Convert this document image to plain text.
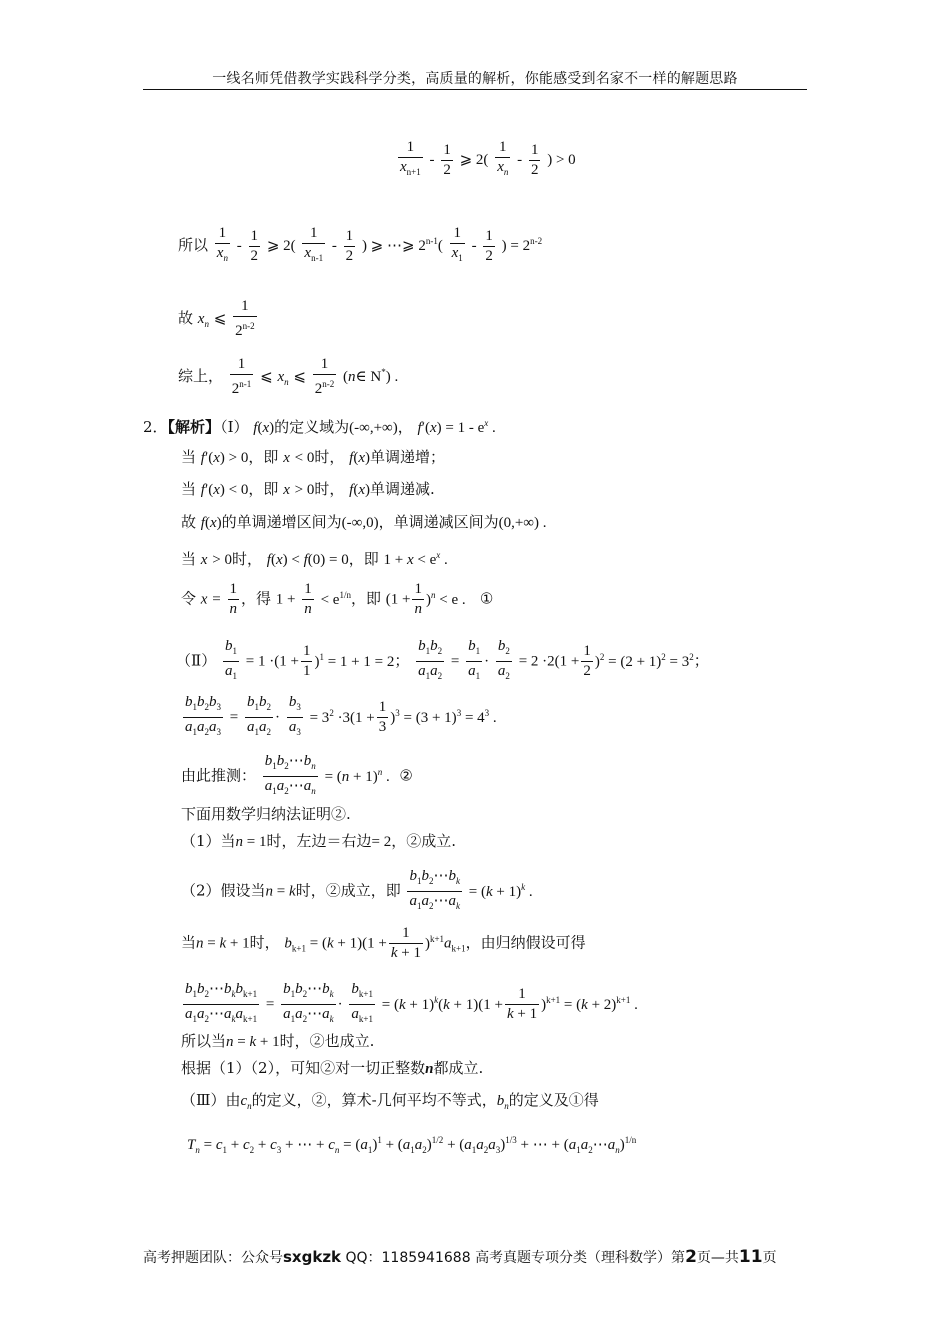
一线名师凭借教学实践科学分类，高质量的解析，你能感受到名家不一样的解题思路
$\frac{1}{x_{n+1}} - \frac{1}{2}$ ⩾ $2( \frac{1}{x_n} - \frac{1}{2}$ ) > 0
所以 $\frac{1}{x_n} - \frac{1}{2}$ ⩾ $2( \frac{1}{x_{n-1}} - \frac{1}{2}$ ) ⩾ ⋯⩾ $2^{n-1}( \frac{1}{x_1} - \frac{1}{2}$ ) = $2^{n-2}$
故 $x_n$ ⩽ $\frac{1}{2^{n-2}}$
综上， $\frac{1}{2^{n-1}}$ ⩽ $x_n$ ⩽ $\frac{1}{2^{n-2}}$ (n∈ N*) .
2．【解析】（Ⅰ） f(x)的定义域为(-∞,+∞)， $f'(x) = 1 - e^x$ .
当 f′(x) > 0，即 x < 0时， f(x)单调递增；
当 f′(x) < 0，即 x > 0时， f(x)单调递减.
故 f(x)的单调递增区间为(-∞,0)，单调递减区间为(0,+∞) .
当 x > 0时， f(x) < f(0) = 0，即 $1 + x < e^x$ .
令 $x = \frac{1}{n}$ ，得 $1 + \frac{1}{n} < e^{1/n}$，即 $(1 + \frac{1}{n} )^n < e$ . ①
（Ⅱ） $\frac{b_1}{a_1} = 1 \cdot(1 + \frac{1}{1} )^1 = 1 + 1 = 2$； $\frac{b_1b_2}{a_1a_2} = \frac{b_1}{a_1} \cdot \frac{b_2}{a_2} = 2 \cdot 2(1 + \frac{1}{2} )^2 = (2 + 1)^2 = 3^2$；
$\frac{b_1b_2b_3}{a_1a_2a_3} = \frac{b_1b_2}{a_1a_2} \cdot \frac{b_3}{a_3} = 3^2 \cdot 3(1 + \frac{1}{3} )^3 = (3 + 1)^3 = 4^3$ .
由此推测： $\frac{b_1b_2\cdots b_n}{a_1a_2\cdots a_n} = (n + 1)^n$ . ②
下面用数学归纳法证明②.
（1）当n = 1时，左边＝右边= 2，②成立.
（2）假设当n = k时，②成立，即 $\frac{b_1b_2\cdots b_k}{a_1a_2\cdots a_k} = (k + 1)^k$ .
当n = k + 1时， $b_{k+1} = (k + 1)(1 + \frac{1}{k + 1} )^{k+1}a_{k+1}$，由归纳假设可得
$\frac{b_1b_2\cdots b_kb_{k+1}}{a_1a_2\cdots a_ka_{k+1}} = \frac{b_1b_2\cdots b_k}{a_1a_2\cdots a_k} \cdot \frac{b_{k+1}}{a_{k+1}} = (k + 1)^k(k + 1)(1 + \frac{1}{k + 1} )^{k+1} = (k + 2)^{k+1}$ .
所以当n = k + 1时，②也成立.
根据（1）（2），可知②对一切正整数n都成立.
（Ⅲ）由$c_n$的定义，②，算术-几何平均不等式，$b_n$的定义及①得
$T_n = c_1 + c_2 + c_3$ + ⋯ + $c_n = (a_1)^1 + (a_1a_2)^{1/2} + (a_1a_2a_3)^{1/3}$ + ⋯ + $(a_1a_2\cdots a_n)^{1/n}$
高考押题团队：公众号sxgkzk QQ：1185941688 高考真题专项分类（理科数学）第2页—共11页
